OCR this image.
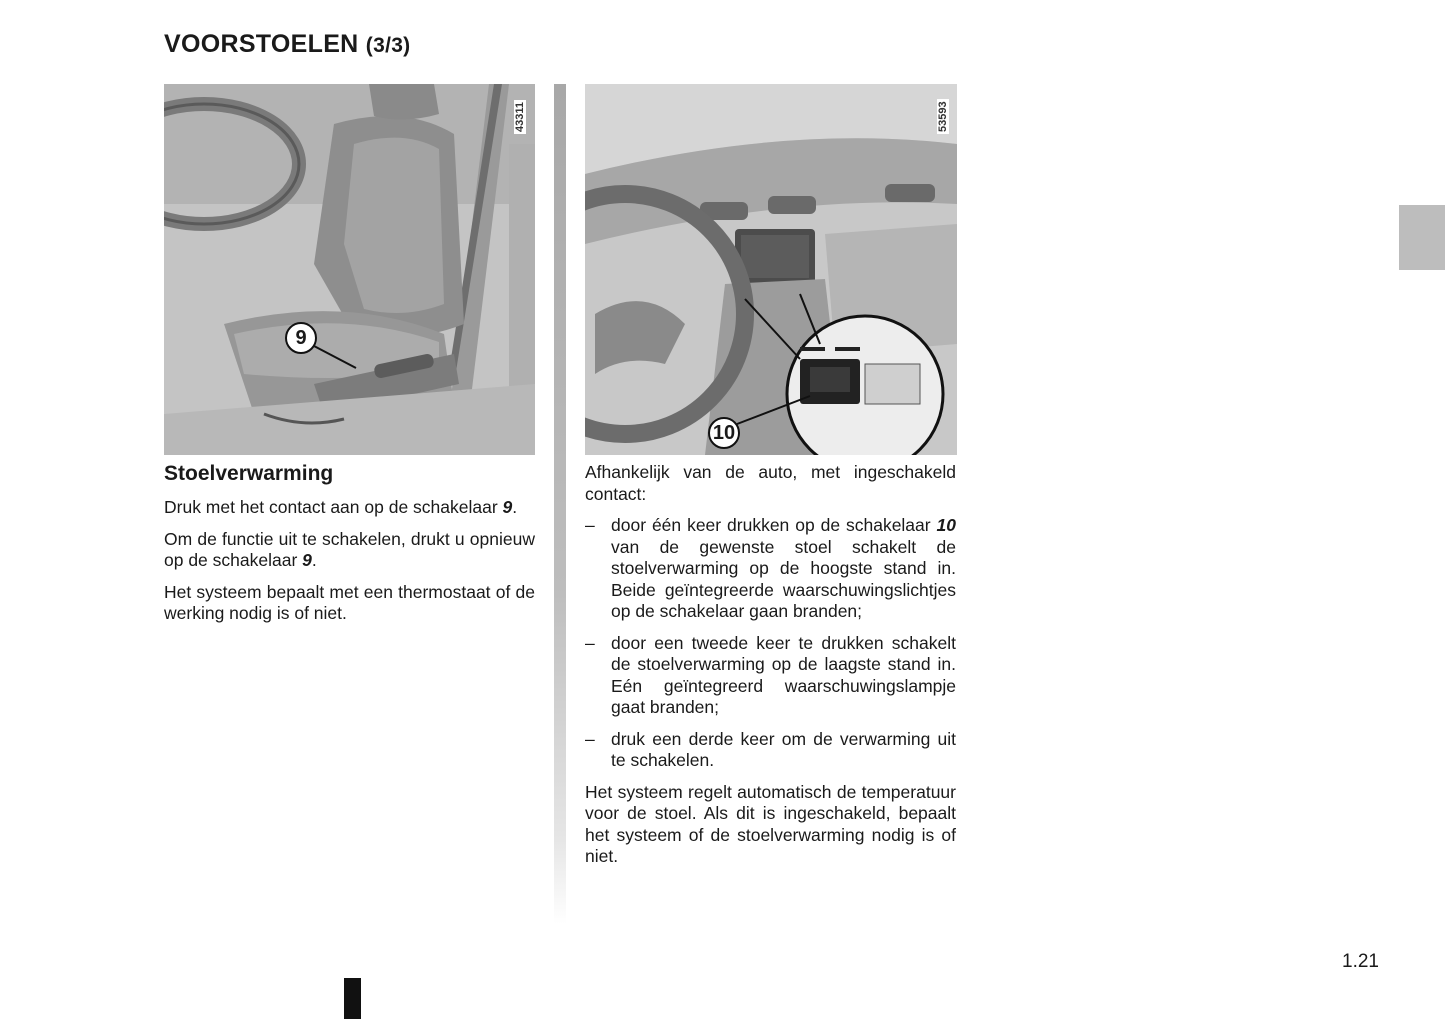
VOORSTOELEN (3/3)
9
43311
10
53593
Stoelverwarming

Druk met het contact aan op de schakelaar 9.

Om de functie uit te schakelen, drukt u opnieuw op de schakelaar 9.

Het systeem bepaalt met een thermostaat of de werking nodig is of niet.

Afhankelijk van de auto, met ingeschakeld contact:

– door één keer drukken op de schakelaar 10 van de gewenste stoel schakelt de stoelverwarming op de hoogste stand in. Beide geïntegreerde waarschuwingslichtjes op de schakelaar gaan branden;
– door een tweede keer te drukken schakelt de stoelverwarming op de laagste stand in. Eén geïntegreerd waarschuwingslampje gaat branden;
– druk een derde keer om de verwarming uit te schakelen.

Het systeem regelt automatisch de temperatuur voor de stoel. Als dit is ingeschakeld, bepaalt het systeem of de stoelverwarming nodig is of niet.

1.21
